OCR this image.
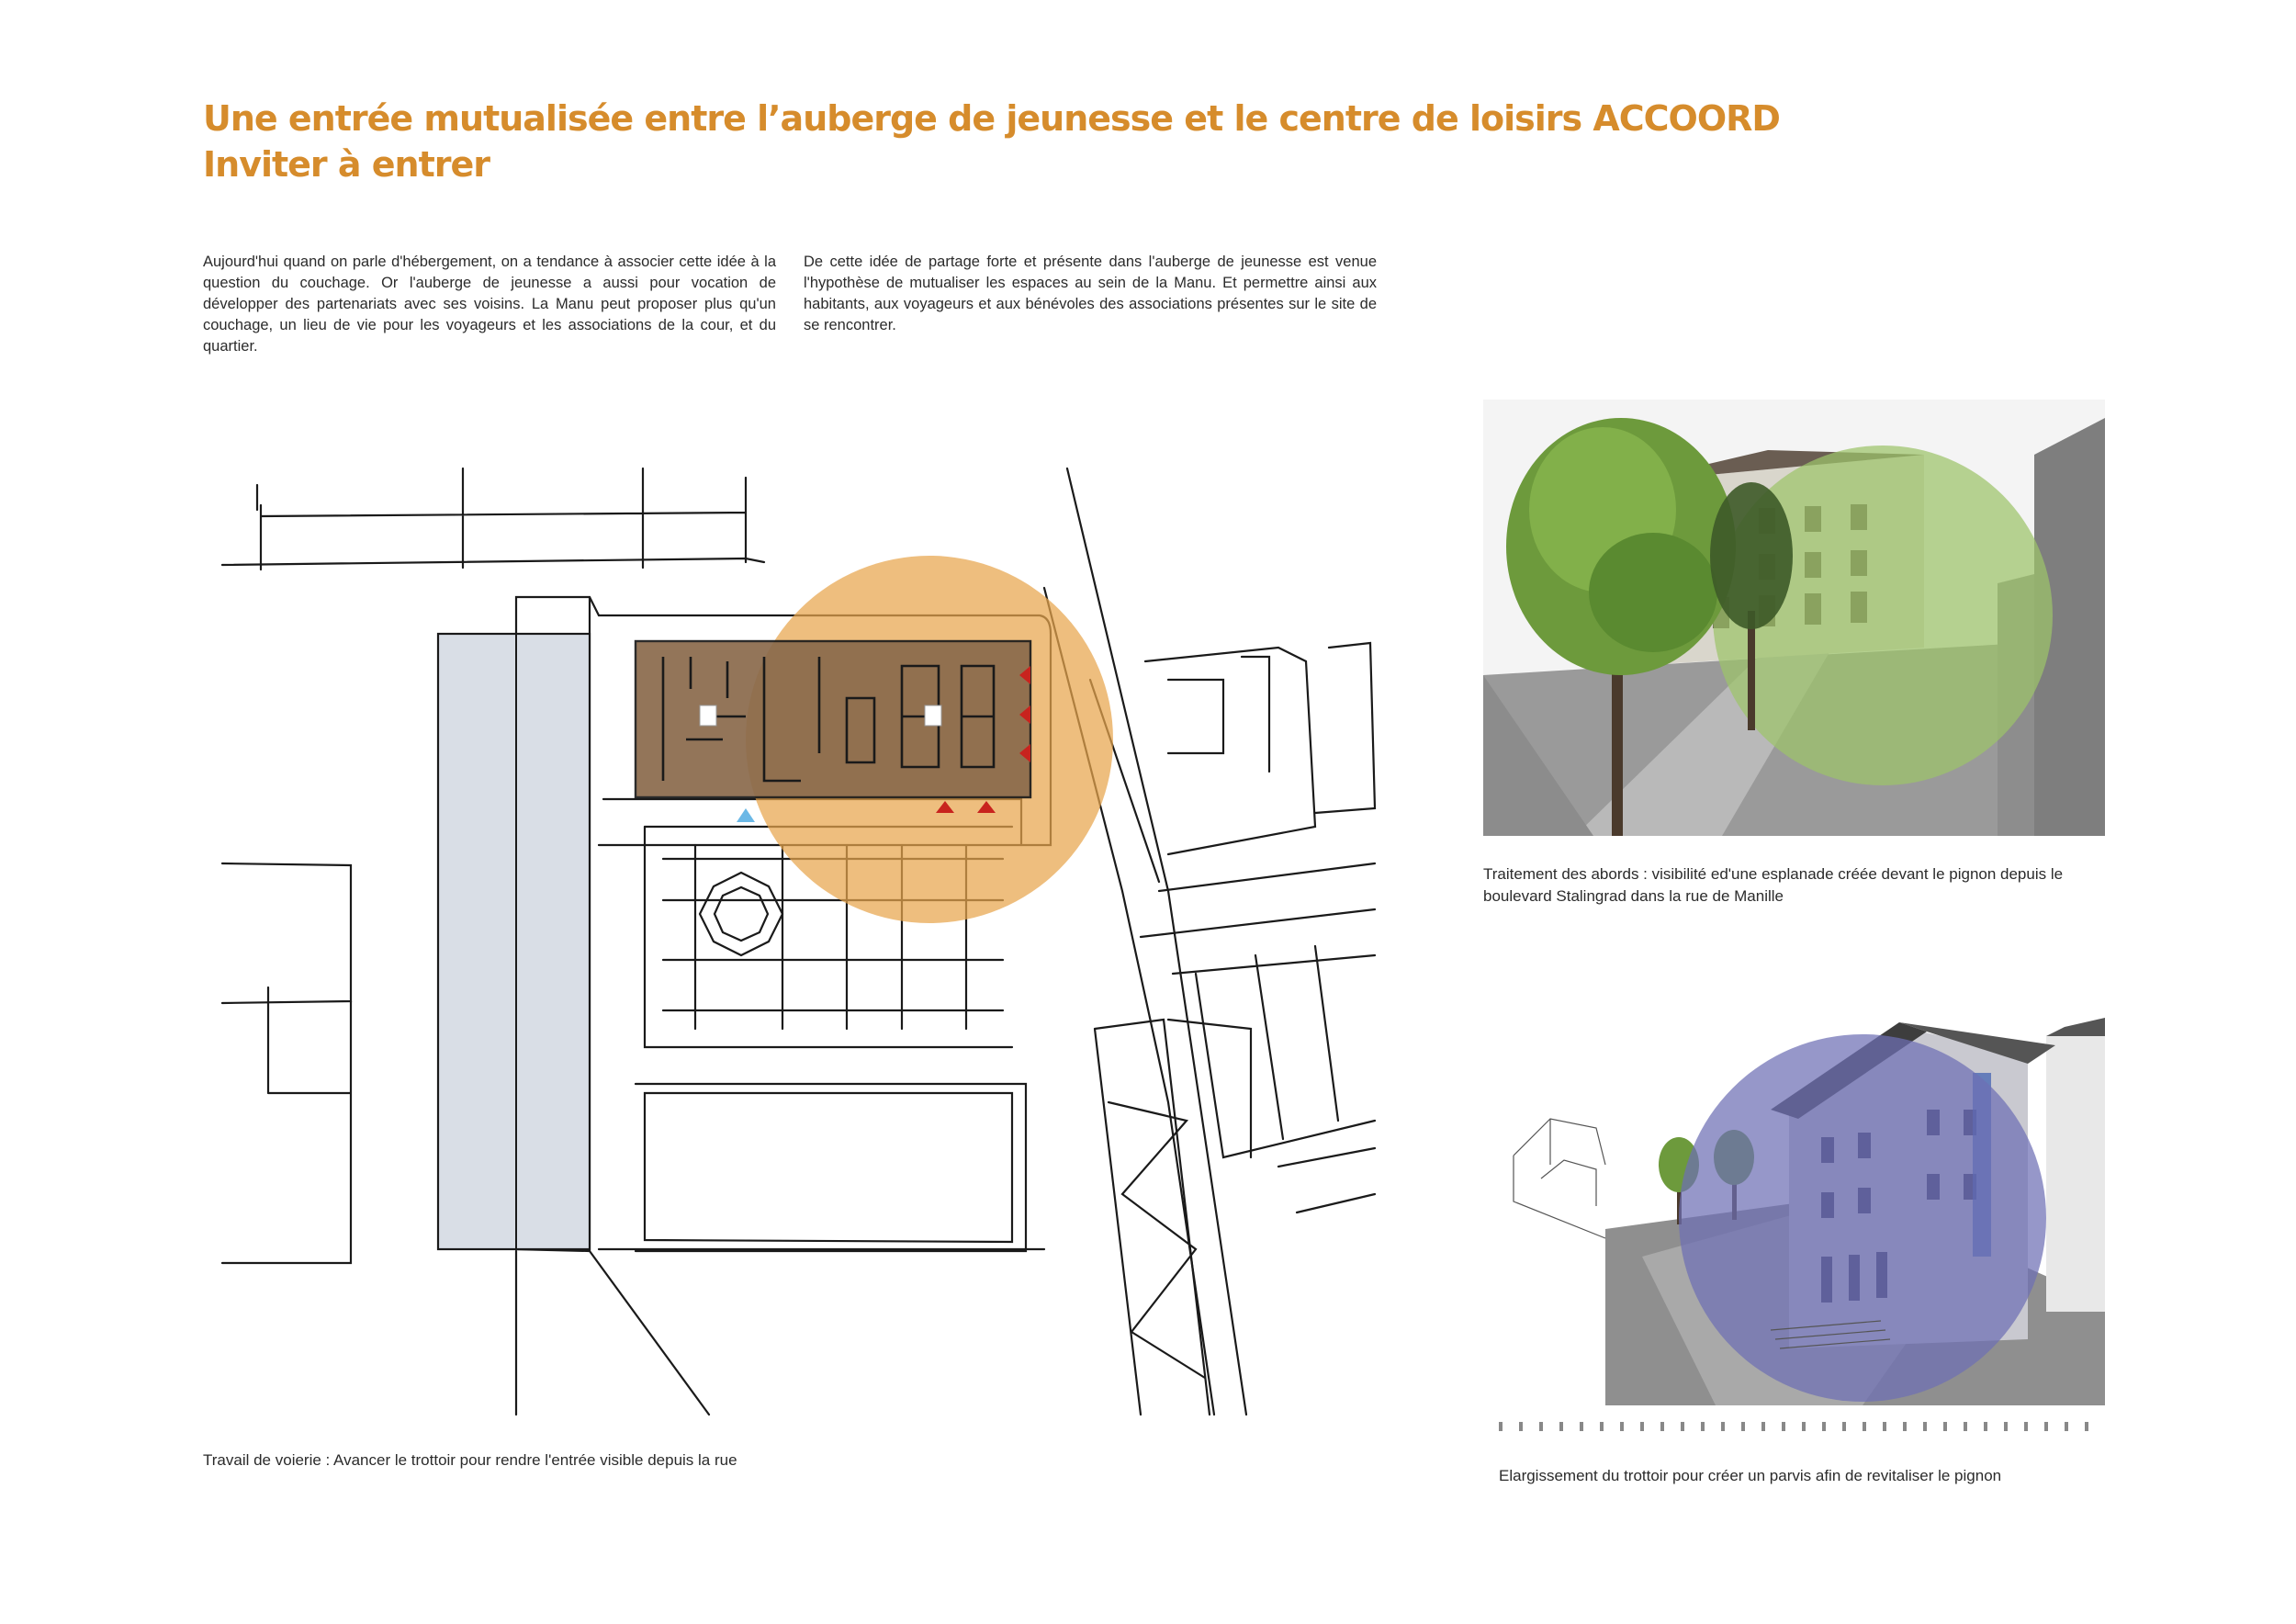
Une entrée mutualisée entre l’auberge de jeunesse et le centre de loisirs ACCOORD
Inviter à entrer

Aujourd'hui quand on parle d'hébergement, on a tendance à associer cette idée à la question du couchage. Or l'auberge de jeunesse a aussi pour vocation de développer des partenariats avec ses voisins. La Manu peut proposer plus qu'un couchage, un lieu de vie pour les voyageurs et les associations de la cour, et du quartier.

De cette idée de partage forte et présente dans l'auberge de jeunesse est venue l'hypothèse de mutualiser les espaces au sein de la Manu. Et permettre ainsi aux habitants, aux voyageurs et aux bénévoles des associations présentes sur le site de se rencontrer.

Travail de voierie : Avancer le trottoir pour rendre l'entrée visible depuis la rue

Traitement des abords : visibilité ed'une esplanade créée devant le pignon depuis le boulevard Stalingrad dans la rue de Manille

Elargissement du trottoir pour créer un parvis afin de revitaliser le pignon
